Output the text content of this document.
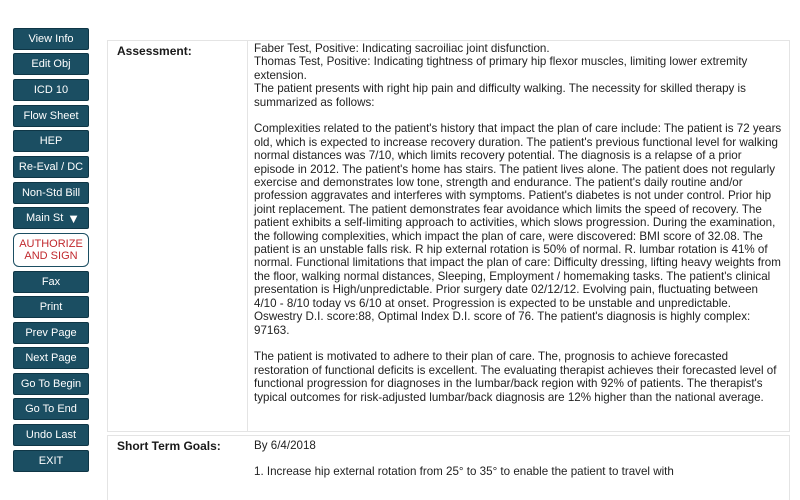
View Info
Edit Obj
ICD 10
Flow Sheet
HEP
Re-Eval / DC
Non-Std Bill
Main St ▼
AUTHORIZE
AND SIGN
Fax
Print
Prev Page
Next Page
Go To Begin
Go To End
Undo Last
EXIT
Assessment:	Faber Test, Positive: Indicating sacroiliac joint disfunction.
Thomas Test, Positive: Indicating tightness of primary hip flexor muscles, limiting lower extremity extension.
The patient presents with right hip pain and difficulty walking. The necessity for skilled therapy is summarized as follows:
Complexities related to the patient's history that impact the plan of care include: The patient is 72 years old, which is expected to increase recovery duration. The patient's previous functional level for walking normal distances was 7/10, which limits recovery potential. The diagnosis is a relapse of a prior episode in 2012. The patient's home has stairs. The patient lives alone. The patient does not regularly exercise and demonstrates low tone, strength and endurance. The patient's daily routine and/or profession aggravates and interferes with symptoms. Patient's diabetes is not under control. Prior hip joint replacement. The patient demonstrates fear avoidance which limits the speed of recovery. The patient exhibits a self-limiting approach to activities, which slows progression. During the examination, the following complexities, which impact the plan of care, were discovered: BMI score of 32.08. The patient is an unstable falls risk. R hip external rotation is 50% of normal. R. lumbar rotation is 41% of normal. Functional limitations that impact the plan of care: Difficulty dressing, lifting heavy weights from the floor, walking normal distances, Sleeping, Employment / homemaking tasks. The patient's clinical presentation is High/unpredictable. Prior surgery date 02/12/12. Evolving pain, fluctuating between 4/10 - 8/10 today vs 6/10 at onset. Progression is expected to be unstable and unpredictable. Oswestry D.I. score:88, Optimal Index D.I. score of 76. The patient's diagnosis is highly complex: 97163.
The patient is motivated to adhere to their plan of care. The, prognosis to achieve forecasted restoration of functional deficits is excellent. The evaluating therapist achieves their forecasted level of functional progression for diagnoses in the lumbar/back region with 92% of patients. The therapist's typical outcomes for risk-adjusted lumbar/back diagnosis are 12% higher than the national average.
Short Term Goals:	By 6/4/2018
1. Increase hip external rotation from 25° to 35° to enable the patient to travel with
